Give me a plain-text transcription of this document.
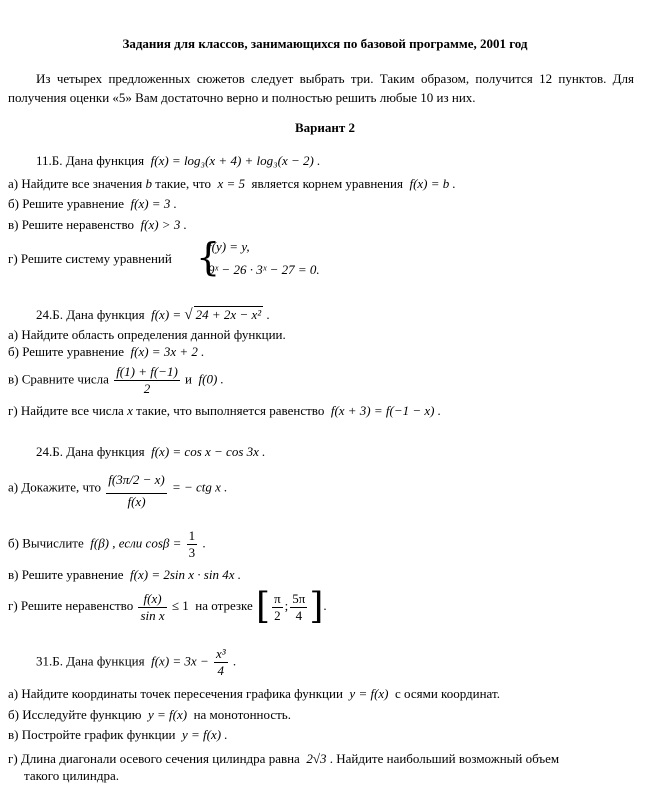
Задания для классов, занимающихся по базовой программе, 2001 год
Из четырех предложенных сюжетов следует выбрать три. Таким образом, получится 12 пунктов. Для получения оценки «5» Вам достаточно верно и полностью решить любые 10 из них.
Вариант 2
11.Б. Дана функция f(x) = log₃(x + 4) + log₃(x − 2) .
а) Найдите все значения b такие, что x = 5 является корнем уравнения f(x) = b .
б) Решите уравнение f(x) = 3 .
в) Решите неравенство f(x) > 3 .
г) Решите систему уравнений {
f(y) = y,
9ˣ − 26 · 3ˣ − 27 = 0.
24.Б. Дана функция f(x) = √ 24 + 2x − x² .
а) Найдите область определения данной функции.
б) Решите уравнение f(x) = 3x + 2 .
в) Сравните числа $\frac{f(1) + f(-1)}{2}$ и f(0) .
г) Найдите все числа x такие, что выполняется равенство f(x + 3) = f(−1 − x) .
24.Б. Дана функция f(x) = cos x − cos 3x .
а) Докажите, что $\frac{f(3\pi/2 - x)}{f(x)}$ = − ctg x .
б) Вычислите f(β) , если $\cos\beta = \frac{1}{3}$ .
в) Решите уравнение f(x) = 2sin x · sin 4x .
г) Решите неравенство $\frac{f(x)}{\text{sin x}} \le 1$ на отрезке [ $\frac{\pi}{2}$ ; $\frac{5\pi}{4}$ ].
31.Б. Дана функция $f(x) = 3x - \frac{\text{x³}}{4}$ .
а) Найдите координаты точек пересечения графика функции y = f(x) с осями координат.
б) Исследуйте функцию y = f(x) на монотонность.
в) Постройте график функции y = f(x) .
г) Длина диагонали осевого сечения цилиндра равна 2√3 . Найдите наибольший возможный объем
такого цилиндра.
